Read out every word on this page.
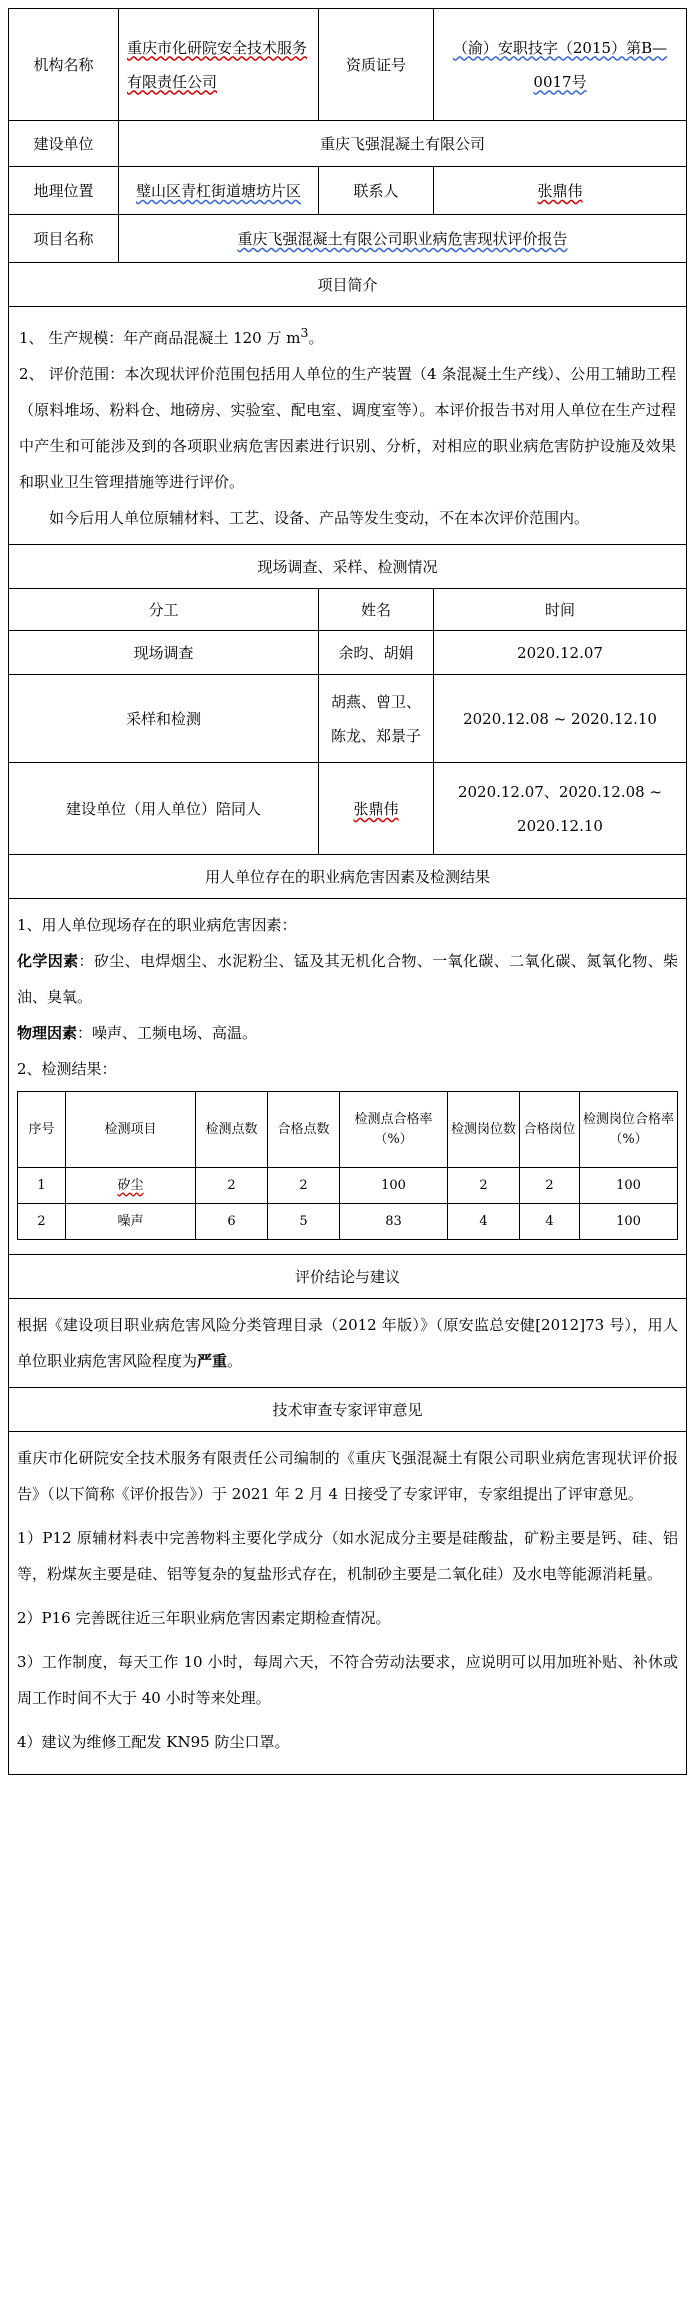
机构名称	重庆市化研院安全技术服务有限责任公司	资质证号	（渝）安职技字（2015）第B—0017号
建设单位	重庆飞强混凝土有限公司
地理位置	璧山区青杠街道塘坊片区	联系人	张鼎伟
项目名称	重庆飞强混凝土有限公司职业病危害现状评价报告
项目简介

1、 生产规模：年产商品混凝土 120 万 $m^3$。

2、 评价范围：本次现状评价范围包括用人单位的生产装置（4 条混凝土生产线）、公用工辅助工程（原料堆场、粉料仓、地磅房、实验室、配电室、调度室等）。本评价报告书对用人单位在生产过程中产生和可能涉及到的各项职业病危害因素进行识别、分析，对相应的职业病危害防护设施及效果和职业卫生管理措施等进行评价。

如今后用人单位原辅材料、工艺、设备、产品等发生变动，不在本次评价范围内。

现场调查、采样、检测情况
分工	姓名	时间
现场调查	余昀、胡娟	2020.12.07
采样和检测	胡燕、曾卫、陈龙、郑景子	2020.12.08 ~ 2020.12.10
建设单位（用人单位）陪同人	张鼎伟	2020.12.07、2020.12.08 ~ 2020.12.10
用人单位存在的职业病危害因素及检测结果

1、用人单位现场存在的职业病危害因素：

化学因素：矽尘、电焊烟尘、水泥粉尘、锰及其无机化合物、一氧化碳、二氧化碳、氮氧化物、柴油、臭氧。

物理因素：噪声、工频电场、高温。

2、检测结果：

序号	检测项目	检测点数	合格点数	检测点合格率（%）	检测岗位数	合格岗位	检测岗位合格率（%）
1	矽尘	2	2	100	2	2	100
2	噪声	6	5	83	4	4	100

评价结论与建议

根据《建设项目职业病危害风险分类管理目录（2012 年版）》（原安监总安健[2012]73 号），用人单位职业病危害风险程度为严重。

技术审查专家评审意见

重庆市化研院安全技术服务有限责任公司编制的《重庆飞强混凝土有限公司职业病危害现状评价报告》（以下简称《评价报告》）于 2021 年 2 月 4 日接受了专家评审，专家组提出了评审意见。

1）P12 原辅材料表中完善物料主要化学成分（如水泥成分主要是硅酸盐，矿粉主要是钙、硅、铝等，粉煤灰主要是硅、铝等复杂的复盐形式存在，机制砂主要是二氧化硅）及水电等能源消耗量。

2）P16 完善既往近三年职业病危害因素定期检查情况。

3）工作制度，每天工作 10 小时，每周六天，不符合劳动法要求，应说明可以用加班补贴、补休或周工作时间不大于 40 小时等来处理。

4）建议为维修工配发 KN95 防尘口罩。
